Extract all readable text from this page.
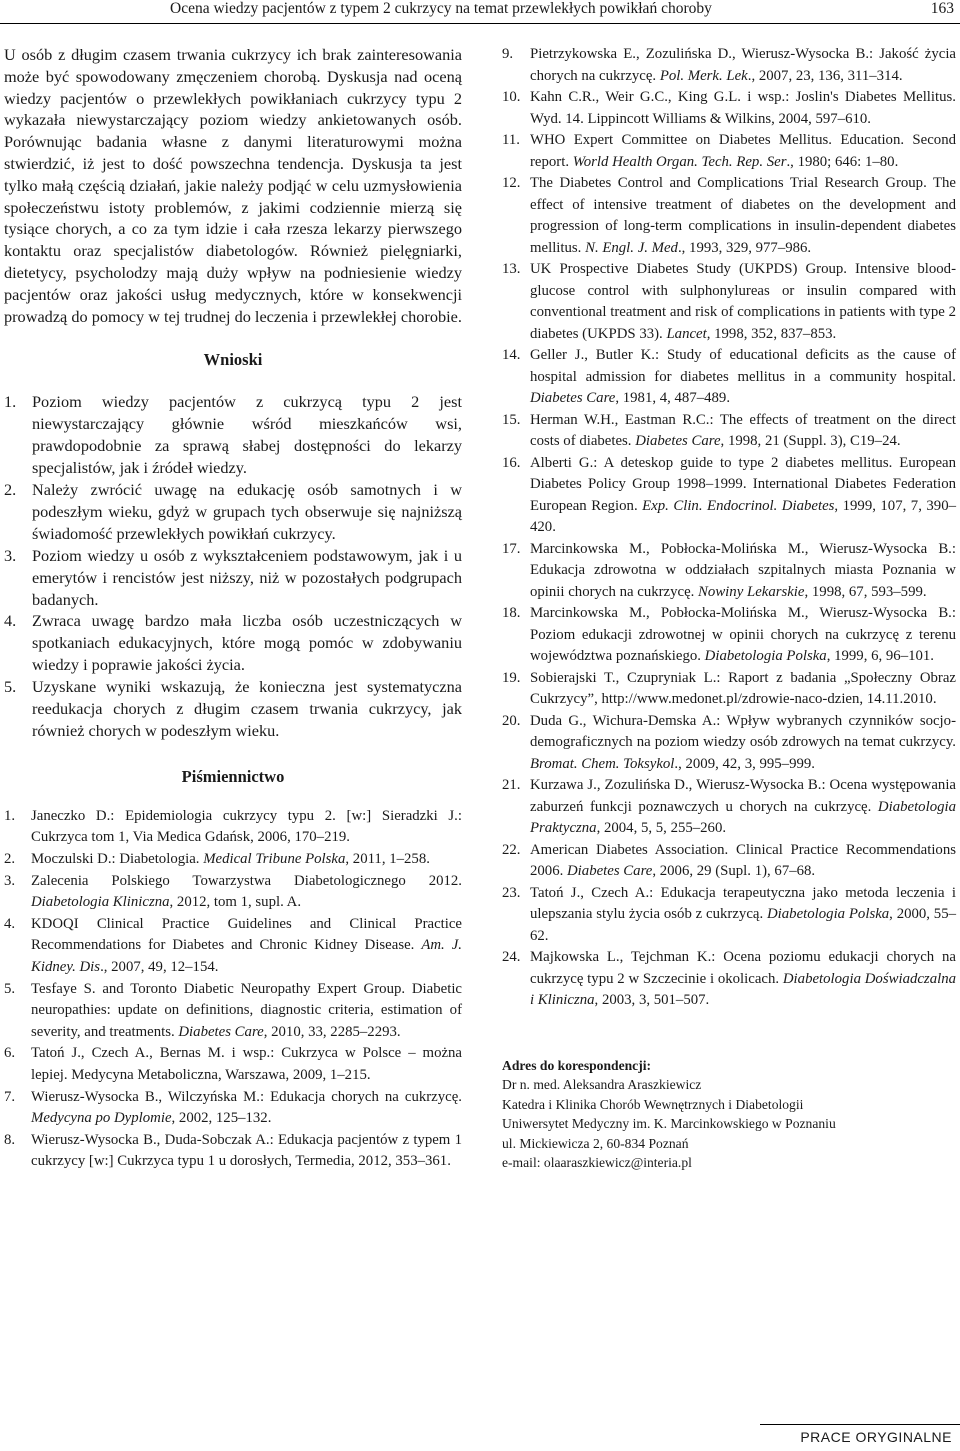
Ocena wiedzy pacjentów z typem 2 cukrzycy na temat przewlekłych powikłań choroby	163

U osób z długim czasem trwania cukrzycy ich brak zainteresowania może być spowodowany zmęczeniem chorobą. Dyskusja nad oceną wiedzy pacjentów o przewlekłych powikłaniach cukrzycy typu 2 wykazała niewystarczający poziom wiedzy ankietowanych osób. Porównując badania własne z danymi literaturowymi można stwierdzić, iż jest to dość powszechna tendencja. Dyskusja ta jest tylko małą częścią działań, jakie należy podjąć w celu uzmysłowienia społeczeństwu istoty problemów, z jakimi codziennie mierzą się tysiące chorych, a co za tym idzie i cała rzesza lekarzy pierwszego kontaktu oraz specjalistów diabetologów. Również pielęgniarki, dietetycy, psycholodzy mają duży wpływ na podniesienie wiedzy pacjentów oraz jakości usług medycznych, które w konsekwencji prowadzą do pomocy w tej trudnej do leczenia i przewlekłej chorobie.

Wnioski
1. Poziom wiedzy pacjentów z cukrzycą typu 2 jest niewystarczający głównie wśród mieszkańców wsi, prawdopodobnie za sprawą słabej dostępności do lekarzy specjalistów, jak i źródeł wiedzy.
2. Należy zwrócić uwagę na edukację osób samotnych i w podeszłym wieku, gdyż w grupach tych obserwuje się najniższą świadomość przewlekłych powikłań cukrzycy.
3. Poziom wiedzy u osób z wykształceniem podstawowym, jak i u emerytów i rencistów jest niższy, niż w pozostałych podgrupach badanych.
4. Zwraca uwagę bardzo mała liczba osób uczestniczących w spotkaniach edukacyjnych, które mogą pomóc w zdobywaniu wiedzy i poprawie jakości życia.
5. Uzyskane wyniki wskazują, że konieczna jest systematyczna reedukacja chorych z długim czasem trwania cukrzycy, jak również chorych w podeszłym wieku.
Piśmiennictwo
1. Janeczko D.: Epidemiologia cukrzycy typu 2. [w:] Sieradzki J.: Cukrzyca tom 1, Via Medica Gdańsk, 2006, 170–219.
2. Moczulski D.: Diabetologia. Medical Tribune Polska, 2011, 1–258.
3. Zalecenia Polskiego Towarzystwa Diabetologicznego 2012. Diabetologia Kliniczna, 2012, tom 1, supl. A.
4. KDOQI Clinical Practice Guidelines and Clinical Practice Recommendations for Diabetes and Chronic Kidney Disease. Am. J. Kidney. Dis., 2007, 49, 12–154.
5. Tesfaye S. and Toronto Diabetic Neuropathy Expert Group. Diabetic neuropathies: update on definitions, diagnostic criteria, estimation of severity, and treatments. Diabetes Care, 2010, 33, 2285–2293.
6. Tatoń J., Czech A., Bernas M. i wsp.: Cukrzyca w Polsce – można lepiej. Medycyna Metaboliczna, Warszawa, 2009, 1–215.
7. Wierusz-Wysocka B., Wilczyńska M.: Edukacja chorych na cukrzycę. Medycyna po Dyplomie, 2002, 125–132.
8. Wierusz-Wysocka B., Duda-Sobczak A.: Edukacja pacjentów z typem 1 cukrzycy [w:] Cukrzyca typu 1 u dorosłych, Termedia, 2012, 353–361.
9. Pietrzykowska E., Zozulińska D., Wierusz-Wysocka B.: Jakość życia chorych na cukrzycę. Pol. Merk. Lek., 2007, 23, 136, 311–314.
10. Kahn C.R., Weir G.C., King G.L. i wsp.: Joslin's Diabetes Mellitus. Wyd. 14. Lippincott Williams & Wilkins, 2004, 597–610.
11. WHO Expert Committee on Diabetes Mellitus. Education. Second report. World Health Organ. Tech. Rep. Ser., 1980; 646: 1–80.
12. The Diabetes Control and Complications Trial Research Group. The effect of intensive treatment of diabetes on the development and progression of long-term complications in insulin-dependent diabetes mellitus. N. Engl. J. Med., 1993, 329, 977–986.
13. UK Prospective Diabetes Study (UKPDS) Group. Intensive blood-glucose control with sulphonylureas or insulin compared with conventional treatment and risk of complications in patients with type 2 diabetes (UKPDS 33). Lancet, 1998, 352, 837–853.
14. Geller J., Butler K.: Study of educational deficits as the cause of hospital admission for diabetes mellitus in a community hospital. Diabetes Care, 1981, 4, 487–489.
15. Herman W.H., Eastman R.C.: The effects of treatment on the direct costs of diabetes. Diabetes Care, 1998, 21 (Suppl. 3), C19–24.
16. Alberti G.: A deteskop guide to type 2 diabetes mellitus. European Diabetes Policy Group 1998–1999. International Diabetes Federation European Region. Exp. Clin. Endocrinol. Diabetes, 1999, 107, 7, 390–420.
17. Marcinkowska M., Pobłocka-Molińska M., Wierusz-Wysocka B.: Edukacja zdrowotna w oddziałach szpitalnych miasta Poznania w opinii chorych na cukrzycę. Nowiny Lekarskie, 1998, 67, 593–599.
18. Marcinkowska M., Pobłocka-Molińska M., Wierusz-Wysocka B.: Poziom edukacji zdrowotnej w opinii chorych na cukrzycę z terenu województwa poznańskiego. Diabetologia Polska, 1999, 6, 96–101.
19. Sobierajski T., Czupryniak L.: Raport z badania „Społeczny Obraz Cukrzycy”, http://www.medonet.pl/zdrowie-naco-dzien, 14.11.2010.
20. Duda G., Wichura-Demska A.: Wpływ wybranych czynników socjo-demograficznych na poziom wiedzy osób zdrowych na temat cukrzycy. Bromat. Chem. Toksykol., 2009, 42, 3, 995–999.
21. Kurzawa J., Zozulińska D., Wierusz-Wysocka B.: Ocena występowania zaburzeń funkcji poznawczych u chorych na cukrzycę. Diabetologia Praktyczna, 2004, 5, 5, 255–260.
22. American Diabetes Association. Clinical Practice Recommendations 2006. Diabetes Care, 2006, 29 (Supl. 1), 67–68.
23. Tatoń J., Czech A.: Edukacja terapeutyczna jako metoda leczenia i ulepszania stylu życia osób z cukrzycą. Diabetologia Polska, 2000, 55–62.
24. Majkowska L., Tejchman K.: Ocena poziomu edukacji chorych na cukrzycę typu 2 w Szczecinie i okolicach. Diabetologia Doświadczalna i Kliniczna, 2003, 3, 501–507.
Adres do korespondencji:
Dr n. med. Aleksandra Araszkiewicz
Katedra i Klinika Chorób Wewnętrznych i Diabetologii
Uniwersytet Medyczny im. K. Marcinkowskiego w Poznaniu
ul. Mickiewicza 2, 60-834 Poznań
e-mail: olaaraszkiewicz@interia.pl
PRACE ORYGINALNE
